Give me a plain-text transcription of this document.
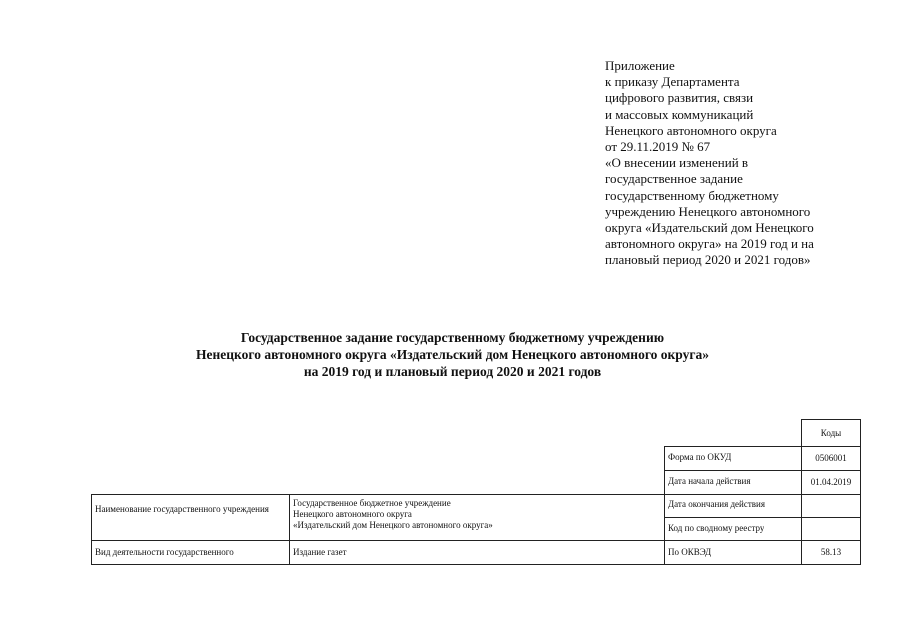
Приложение
к приказу Департамента
цифрового развития, связи
и массовых коммуникаций
Ненецкого автономного округа
от 29.11.2019 № 67
«О внесении изменений в
государственное задание
государственному бюджетному
учреждению Ненецкого автономного
округа «Издательский дом Ненецкого
автономного округа» на 2019 год и на
плановый период 2020 и 2021 годов»
Государственное задание государственному бюджетному учреждению
Ненецкого автономного округа «Издательский дом Ненецкого автономного округа»
на 2019 год и плановый период 2020 и 2021 годов
Коды
0506001
01.04.2019
58.13
Форма по ОКУД
Дата начала действия
Дата окончания действия
Код по сводному реестру
По ОКВЭД
Наименование государственного учреждения
Государственное бюджетное учреждение
Ненецкого автономного округа
«Издательский дом Ненецкого автономного округа»
Вид деятельности государственного	Издание газет
